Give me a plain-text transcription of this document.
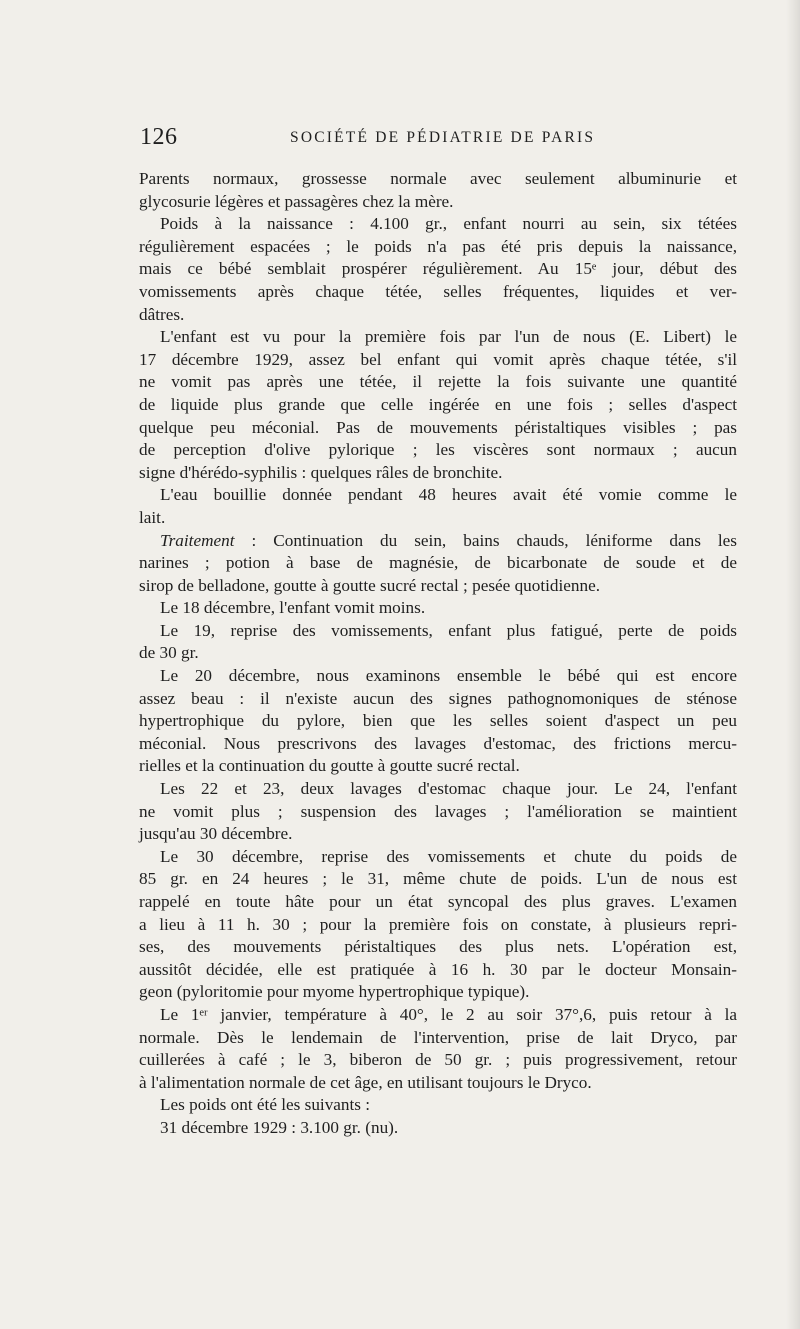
126	SOCIÉTÉ DE PÉDIATRIE DE PARIS
Parents normaux, grossesse normale avec seulement albuminurie et
glycosurie légères et passagères chez la mère.
Poids à la naissance : 4.100 gr., enfant nourri au sein, six tétées
régulièrement espacées ; le poids n'a pas été pris depuis la naissance,
mais ce bébé semblait prospérer régulièrement. Au 15ᵉ jour, début des
vomissements après chaque tétée, selles fréquentes, liquides et ver-
dâtres.
L'enfant est vu pour la première fois par l'un de nous (E. Libert) le
17 décembre 1929, assez bel enfant qui vomit après chaque tétée, s'il
ne vomit pas après une tétée, il rejette la fois suivante une quantité
de liquide plus grande que celle ingérée en une fois ; selles d'aspect
quelque peu méconial. Pas de mouvements péristaltiques visibles ; pas
de perception d'olive pylorique ; les viscères sont normaux ; aucun
signe d'hérédo-syphilis : quelques râles de bronchite.
L'eau bouillie donnée pendant 48 heures avait été vomie comme le
lait.
Traitement : Continuation du sein, bains chauds, léniforme dans les
narines ; potion à base de magnésie, de bicarbonate de soude et de
sirop de belladone, goutte à goutte sucré rectal ; pesée quotidienne.
Le 18 décembre, l'enfant vomit moins.
Le 19, reprise des vomissements, enfant plus fatigué, perte de poids
de 30 gr.
Le 20 décembre, nous examinons ensemble le bébé qui est encore
assez beau : il n'existe aucun des signes pathognomoniques de sténose
hypertrophique du pylore, bien que les selles soient d'aspect un peu
méconial. Nous prescrivons des lavages d'estomac, des frictions mercu-
rielles et la continuation du goutte à goutte sucré rectal.
Les 22 et 23, deux lavages d'estomac chaque jour. Le 24, l'enfant
ne vomit plus ; suspension des lavages ; l'amélioration se maintient
jusqu'au 30 décembre.
Le 30 décembre, reprise des vomissements et chute du poids de
85 gr. en 24 heures ; le 31, même chute de poids. L'un de nous est
rappelé en toute hâte pour un état syncopal des plus graves. L'examen
a lieu à 11 h. 30 ; pour la première fois on constate, à plusieurs repri-
ses, des mouvements péristaltiques des plus nets. L'opération est,
aussitôt décidée, elle est pratiquée à 16 h. 30 par le docteur Monsain-
geon (pyloritomie pour myome hypertrophique typique).
Le 1ᵉʳ janvier, température à 40°, le 2 au soir 37°,6, puis retour à la
normale. Dès le lendemain de l'intervention, prise de lait Dryco, par
cuillerées à café ; le 3, biberon de 50 gr. ; puis progressivement, retour
à l'alimentation normale de cet âge, en utilisant toujours le Dryco.
Les poids ont été les suivants :
31 décembre 1929 : 3.100 gr. (nu).
